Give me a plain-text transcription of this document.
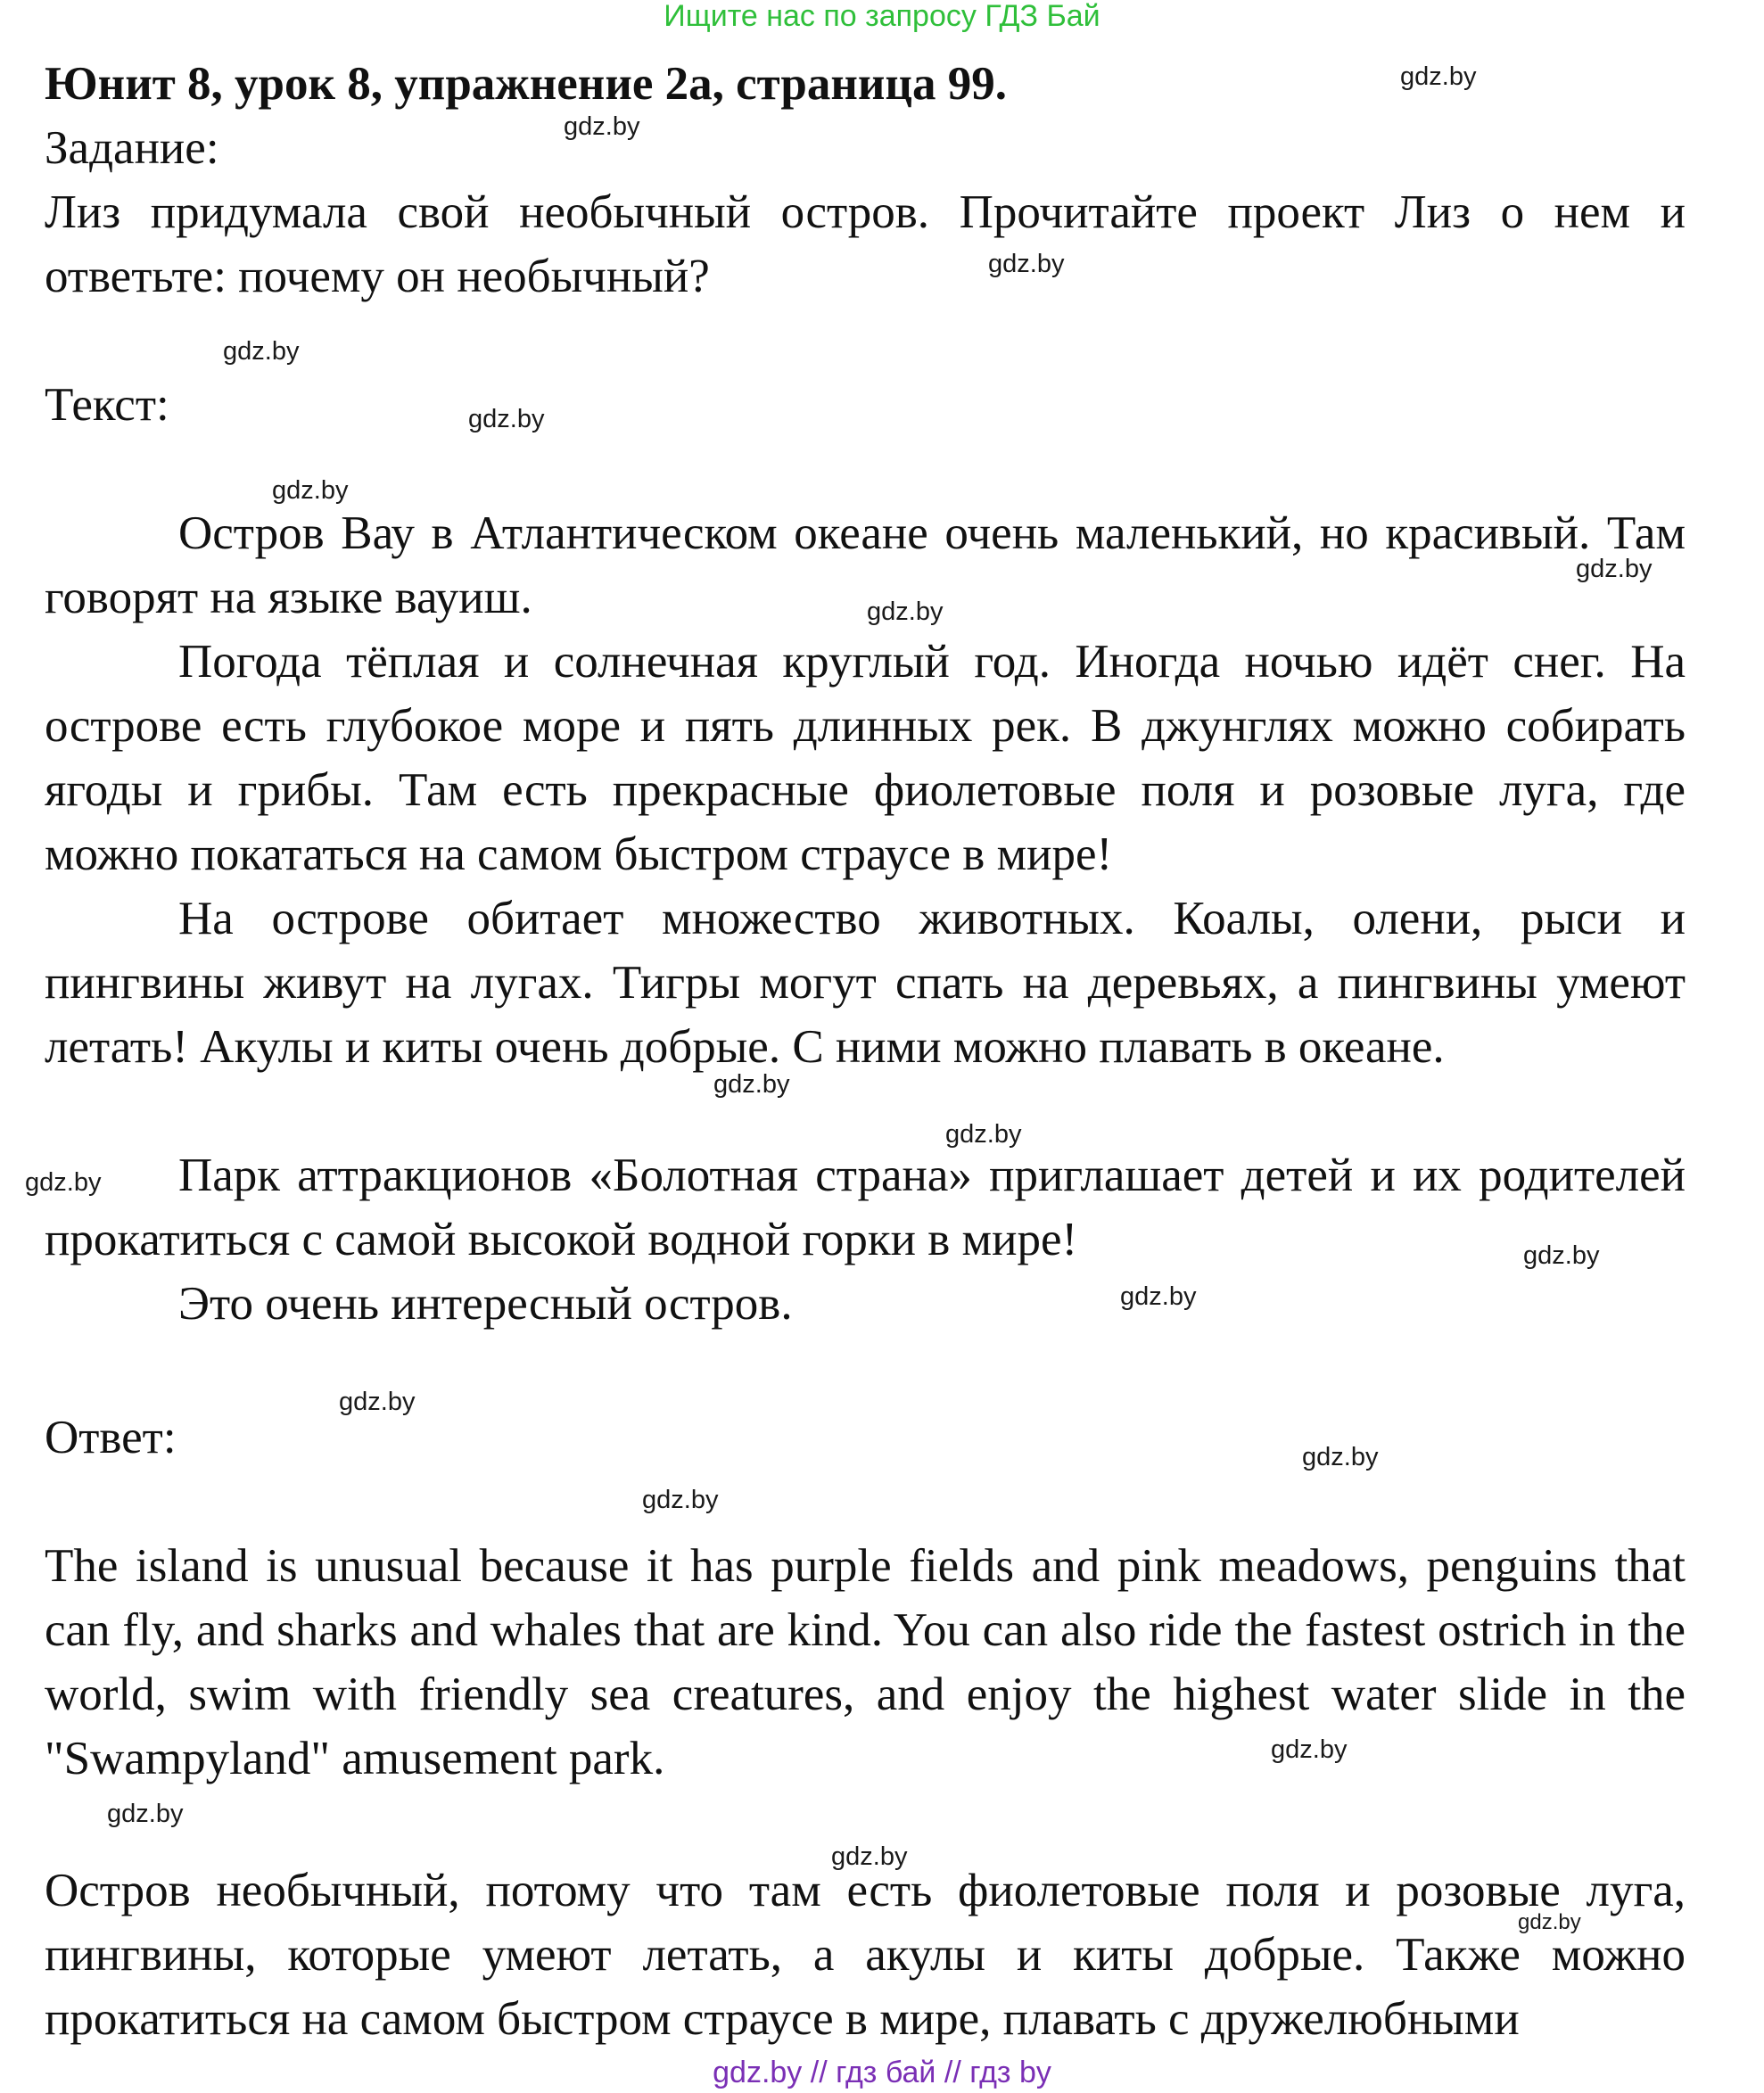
Ищите нас по запросу ГДЗ Бай
Юнит 8, урок 8, упражнение 2а, страница 99.
Задание:
Лиз придумала свой необычный остров. Прочитайте проект Лиз о нем и ответьте: почему он необычный?
Текст:
Остров Вау в Атлантическом океане очень маленький, но красивый. Там говорят на языке вауиш.
Погода тёплая и солнечная круглый год. Иногда ночью идёт снег. На острове есть глубокое море и пять длинных рек. В джунглях можно собирать ягоды и грибы. Там есть прекрасные фиолетовые поля и розовые луга, где можно покататься на самом быстром страусе в мире!
На острове обитает множество животных. Коалы, олени, рыси и пингвины живут на лугах. Тигры могут спать на деревьях, а пингвины умеют летать! Акулы и киты очень добрые. С ними можно плавать в океане.
Парк аттракционов «Болотная страна» приглашает детей и их родителей прокатиться с самой высокой водной горки в мире!
Это очень интересный остров.
Ответ:
The island is unusual because it has purple fields and pink meadows, penguins that can fly, and sharks and whales that are kind. You can also ride the fastest ostrich in the world, swim with friendly sea creatures, and enjoy the highest water slide in the "Swampyland" amusement park.
Остров необычный, потому что там есть фиолетовые поля и розовые луга, пингвины, которые умеют летать, а акулы и киты добрые. Также можно прокатиться на самом быстром страусе в мире, плавать с дружелюбными
gdz.by
gdz.by
gdz.by
gdz.by
gdz.by
gdz.by
gdz.by
gdz.by
gdz.by
gdz.by
gdz.by
gdz.by
gdz.by
gdz.by
gdz.by
gdz.by
gdz.by
gdz.by
gdz.by
gdz.by
gdz.by // гдз бай // гдз by
